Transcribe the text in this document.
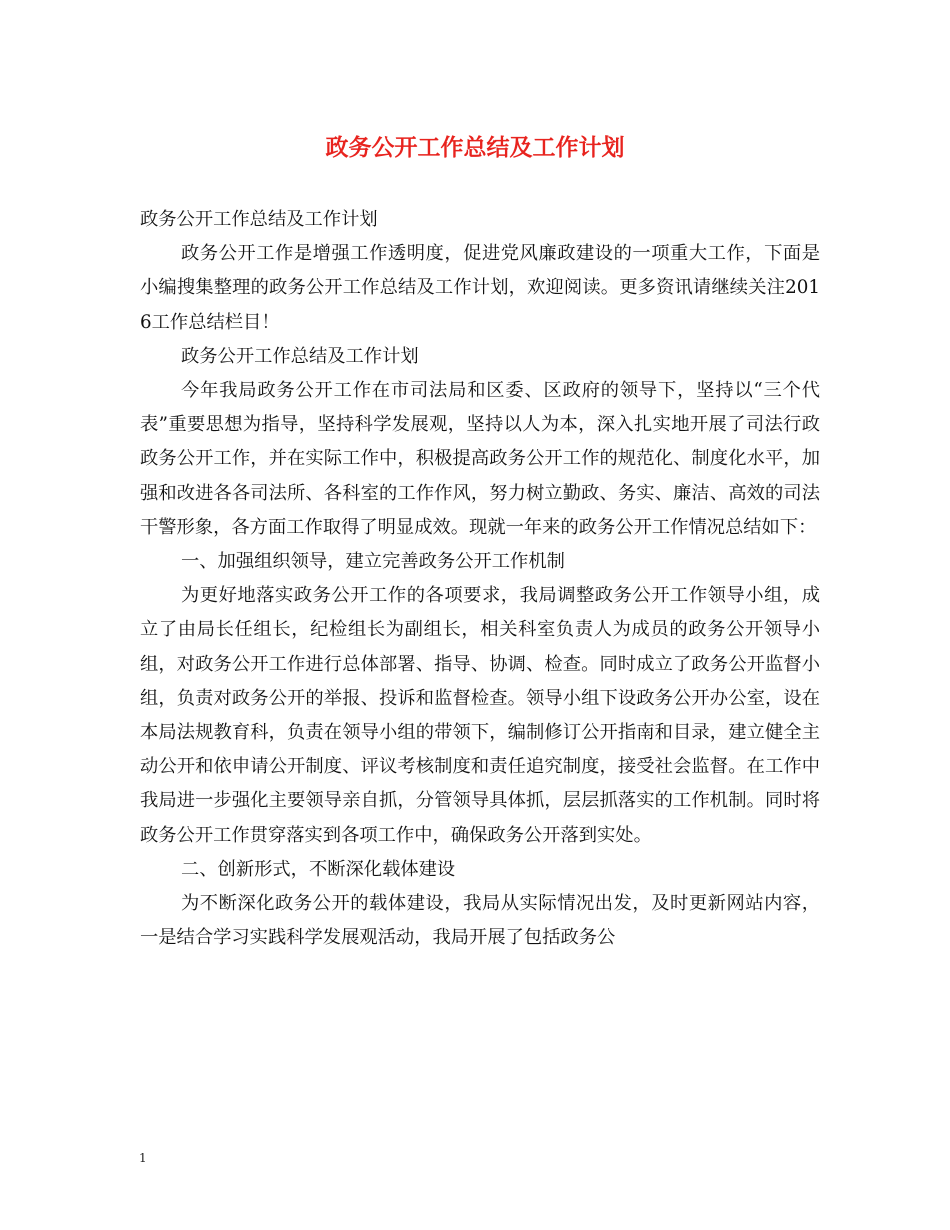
政务公开工作总结及工作计划

政务公开工作总结及工作计划

政务公开工作是增强工作透明度，促进党风廉政建设的一项重大工作，下面是小编搜集整理的政务公开工作总结及工作计划，欢迎阅读。更多资讯请继续关注2016工作总结栏目！

政务公开工作总结及工作计划

今年我局政务公开工作在市司法局和区委、区政府的领导下，坚持以“三个代表”重要思想为指导，坚持科学发展观，坚持以人为本，深入扎实地开展了司法行政政务公开工作，并在实际工作中，积极提高政务公开工作的规范化、制度化水平，加强和改进各各司法所、各科室的工作作风，努力树立勤政、务实、廉洁、高效的司法干警形象，各方面工作取得了明显成效。现就一年来的政务公开工作情况总结如下：

一、加强组织领导，建立完善政务公开工作机制

为更好地落实政务公开工作的各项要求，我局调整政务公开工作领导小组，成立了由局长任组长，纪检组长为副组长，相关科室负责人为成员的政务公开领导小组，对政务公开工作进行总体部署、指导、协调、检查。同时成立了政务公开监督小组，负责对政务公开的举报、投诉和监督检查。领导小组下设政务公开办公室，设在本局法规教育科，负责在领导小组的带领下，编制修订公开指南和目录，建立健全主动公开和依申请公开制度、评议考核制度和责任追究制度，接受社会监督。在工作中我局进一步强化主要领导亲自抓，分管领导具体抓，层层抓落实的工作机制。同时将政务公开工作贯穿落实到各项工作中，确保政务公开落到实处。

二、创新形式，不断深化载体建设

为不断深化政务公开的载体建设，我局从实际情况出发，及时更新网站内容，一是结合学习实践科学发展观活动，我局开展了包括政务公

1
